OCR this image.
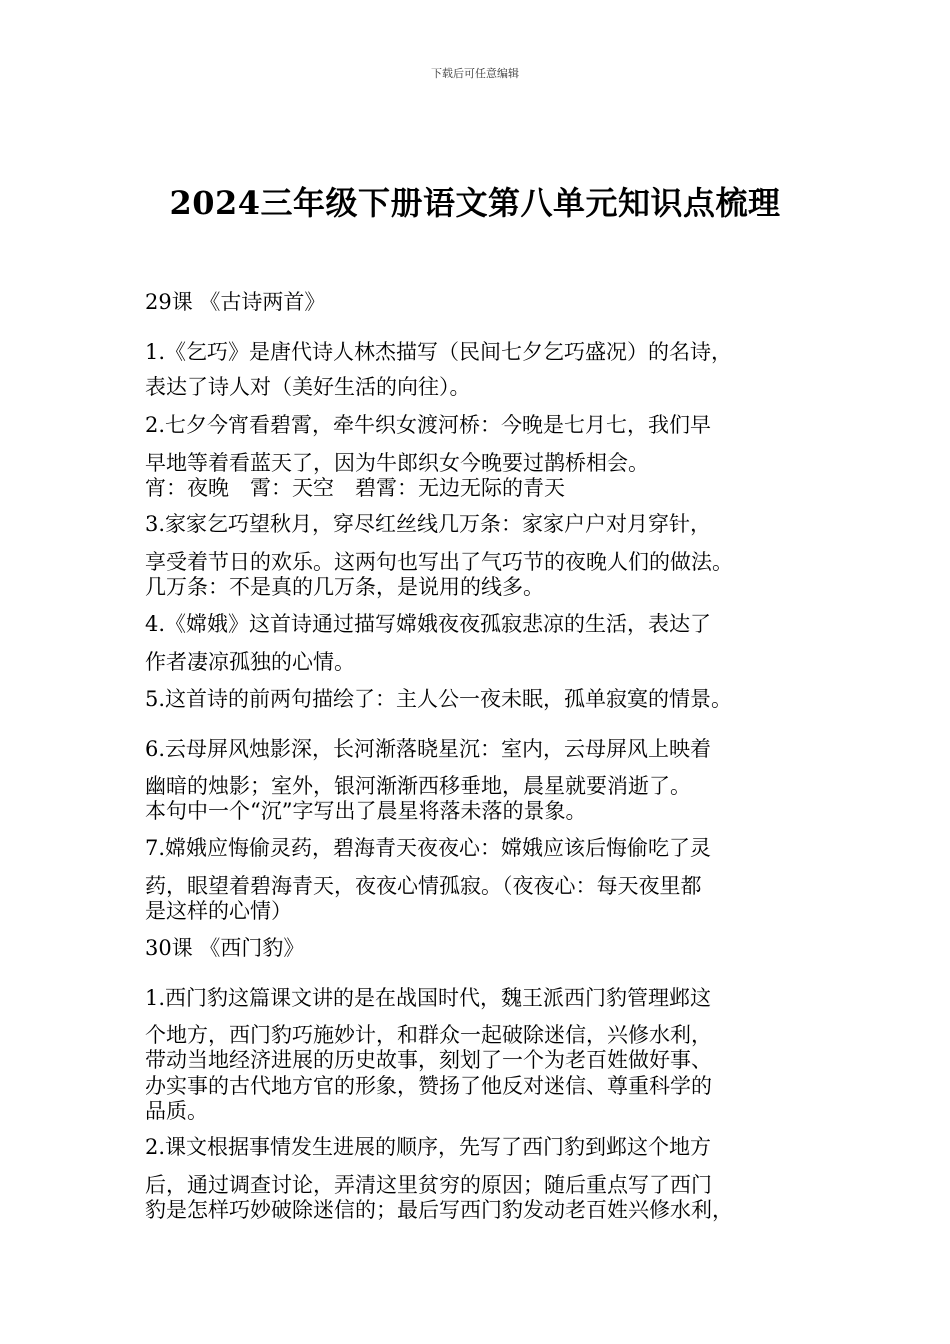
下载后可任意编辑
2024三年级下册语文第八单元知识点梳理
29课 《古诗两首》
1.《乞巧》是唐代诗人林杰描写（民间七夕乞巧盛况）的名诗，
表达了诗人对（美好生活的向往）。
2.七夕今宵看碧霄，牵牛织女渡河桥：今晚是七月七，我们早
早地等着看蓝天了，因为牛郎织女今晚要过鹊桥相会。
宵：夜晚　霄：天空　碧霄：无边无际的青天
3.家家乞巧望秋月，穿尽红丝线几万条：家家户户对月穿针，
享受着节日的欢乐。这两句也写出了气巧节的夜晚人们的做法。
几万条：不是真的几万条，是说用的线多。
4.《嫦娥》这首诗通过描写嫦娥夜夜孤寂悲凉的生活，表达了
作者凄凉孤独的心情。
5.这首诗的前两句描绘了：主人公一夜未眠，孤单寂寞的情景。
6.云母屏风烛影深，长河渐落晓星沉：室内，云母屏风上映着
幽暗的烛影；室外，银河渐渐西移垂地，晨星就要消逝了。
本句中一个“沉”字写出了晨星将落未落的景象。
7.嫦娥应悔偷灵药，碧海青天夜夜心：嫦娥应该后悔偷吃了灵
药，眼望着碧海青天，夜夜心情孤寂。（夜夜心：每天夜里都
是这样的心情）
30课 《西门豹》
1.西门豹这篇课文讲的是在战国时代，魏王派西门豹管理邺这
个地方，西门豹巧施妙计，和群众一起破除迷信，兴修水利，
带动当地经济进展的历史故事，刻划了一个为老百姓做好事、
办实事的古代地方官的形象，赞扬了他反对迷信、尊重科学的
品质。
2.课文根据事情发生进展的顺序，先写了西门豹到邺这个地方
后，通过调查讨论，弄清这里贫穷的原因；随后重点写了西门
豹是怎样巧妙破除迷信的；最后写西门豹发动老百姓兴修水利，
